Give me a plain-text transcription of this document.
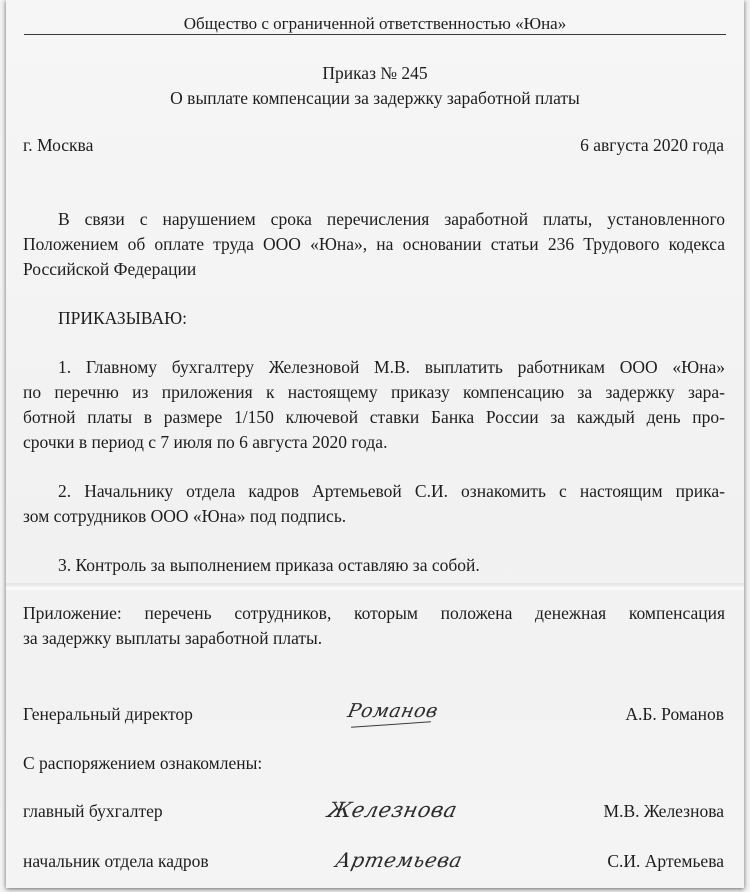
Общество с ограниченной ответственностью «Юна»
Приказ № 245
О выплате компенсации за задержку заработной платы
г. Москва	6 августа 2020 года
В связи с нарушением срока перечисления заработной платы, установленного
Положением об оплате труда ООО «Юна», на основании статьи 236 Трудового кодекса
Российской Федерации
ПРИКАЗЫВАЮ:
1. Главному бухгалтеру Железновой М.В. выплатить работникам ООО «Юна»
по перечню из приложения к настоящему приказу компенсацию за задержку зара-
ботной платы в размере 1/150 ключевой ставки Банка России за каждый день про-
срочки в период с 7 июля по 6 августа 2020 года.
2. Начальнику отдела кадров Артемьевой С.И. ознакомить с настоящим прика-
зом сотрудников ООО «Юна» под подпись.
3. Контроль за выполнением приказа оставляю за собой.
Приложение: перечень сотрудников, которым положена денежная компенсация
за задержку выплаты заработной платы.
Генеральный директор	Романов	А.Б. Романов
С распоряжением ознакомлены:
главный бухгалтер	Железнова	М.В. Железнова
начальник отдела кадров	Артемьева	С.И. Артемьева
